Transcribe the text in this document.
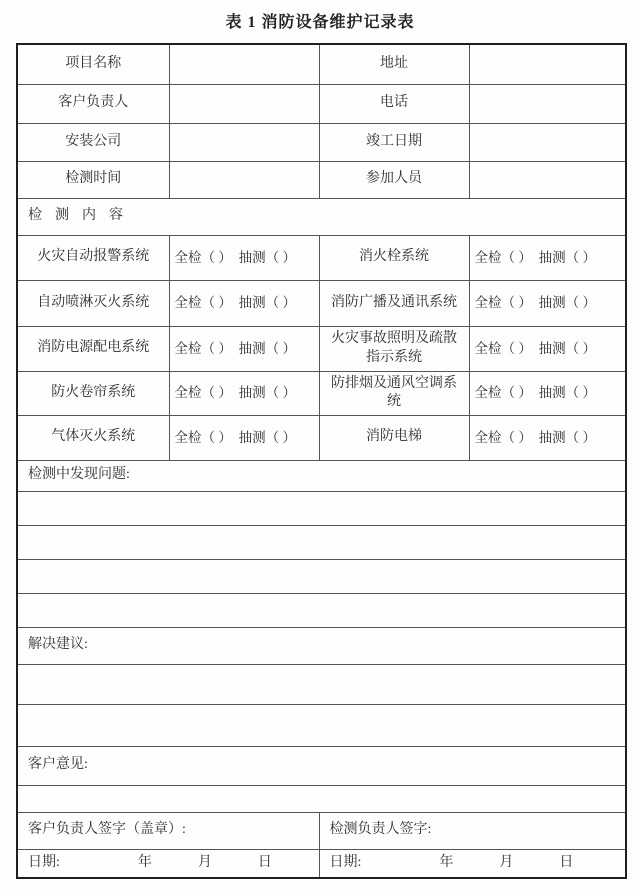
表 1 消防设备维护记录表
项目名称		地址	
客户负责人		电话	
安装公司		竣工日期	
检测时间		参加人员	
检测内容			
火灾自动报警系统	全检（ ）  抽测（ ）	消火栓系统	全检（ ）  抽测（ ）
自动喷淋灭火系统	全检（ ）  抽测（ ）	消防广播及通讯系统	全检（ ）  抽测（ ）
消防电源配电系统	全检（ ）  抽测（ ）	火灾事故照明及疏散指示系统	全检（ ）  抽测（ ）
防火卷帘系统	全检（ ）  抽测（ ）	防排烟及通风空调系统	全检（ ）  抽测（ ）
气体灭火系统	全检（ ）  抽测（ ）	消防电梯	全检（ ）  抽测（ ）
检测中发现问题:			

解决建议:			

客户意见:			

客户负责人签字（盖章）:		检测负责人签字:	

日期: 年 月 日		日期: 年 月 日	
